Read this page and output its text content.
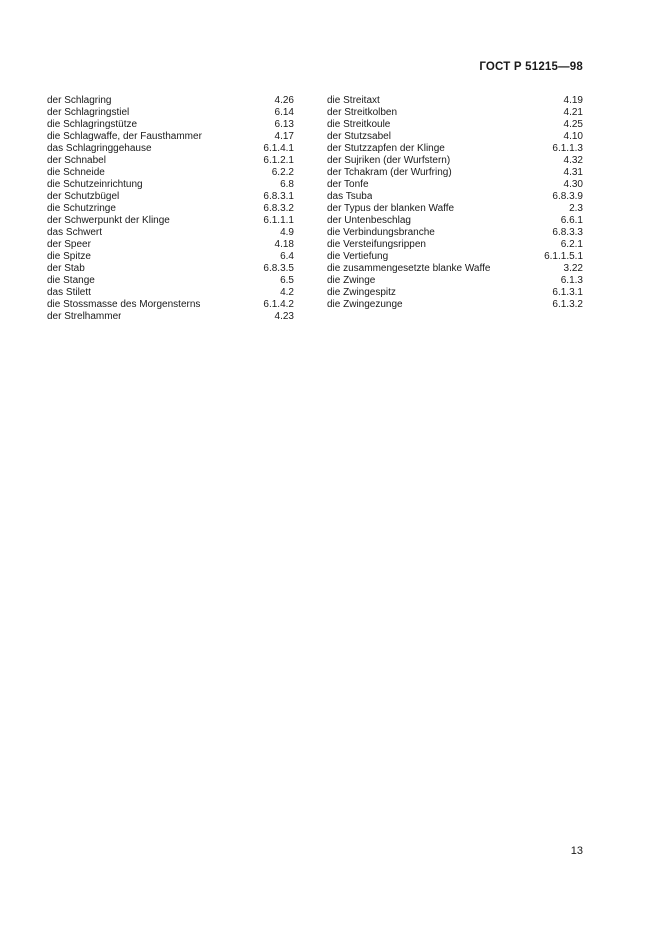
ГОСТ Р 51215—98
der Schlagring	4.26
der Schlagringstiel	6.14
die Schlagringstütze	6.13
die Schlagwaffe, der Fausthammer	4.17
das Schlagringgehause	6.1.4.1
der Schnabel	6.1.2.1
die Schneide	6.2.2
die Schutzeinrichtung	6.8
der Schutzbügel	6.8.3.1
die Schutzringe	6.8.3.2
der Schwerpunkt der Klinge	6.1.1.1
das Schwert	4.9
der Speer	4.18
die Spitze	6.4
der Stab	6.8.3.5
die Stange	6.5
das Stilett	4.2
die Stossmasse des Morgensterns	6.1.4.2
der Strelhammer	4.23
die Streitaxt	4.19
der Streitkolben	4.21
die Streitkoule	4.25
der Stutzsabel	4.10
der Stutzzapfen der Klinge	6.1.1.3
der Sujriken (der Wurfstern)	4.32
der Tchakram (der Wurfring)	4.31
der Tonfe	4.30
das Tsuba	6.8.3.9
der Typus der blanken Waffe	2.3
der Untenbeschlag	6.6.1
die Verbindungsbranche	6.8.3.3
die Versteifungsrippen	6.2.1
die Vertiefung	6.1.1.5.1
die zusammengesetzte blanke Waffe	3.22
die Zwinge	6.1.3
die Zwingespitz	6.1.3.1
die Zwingezunge	6.1.3.2
13
